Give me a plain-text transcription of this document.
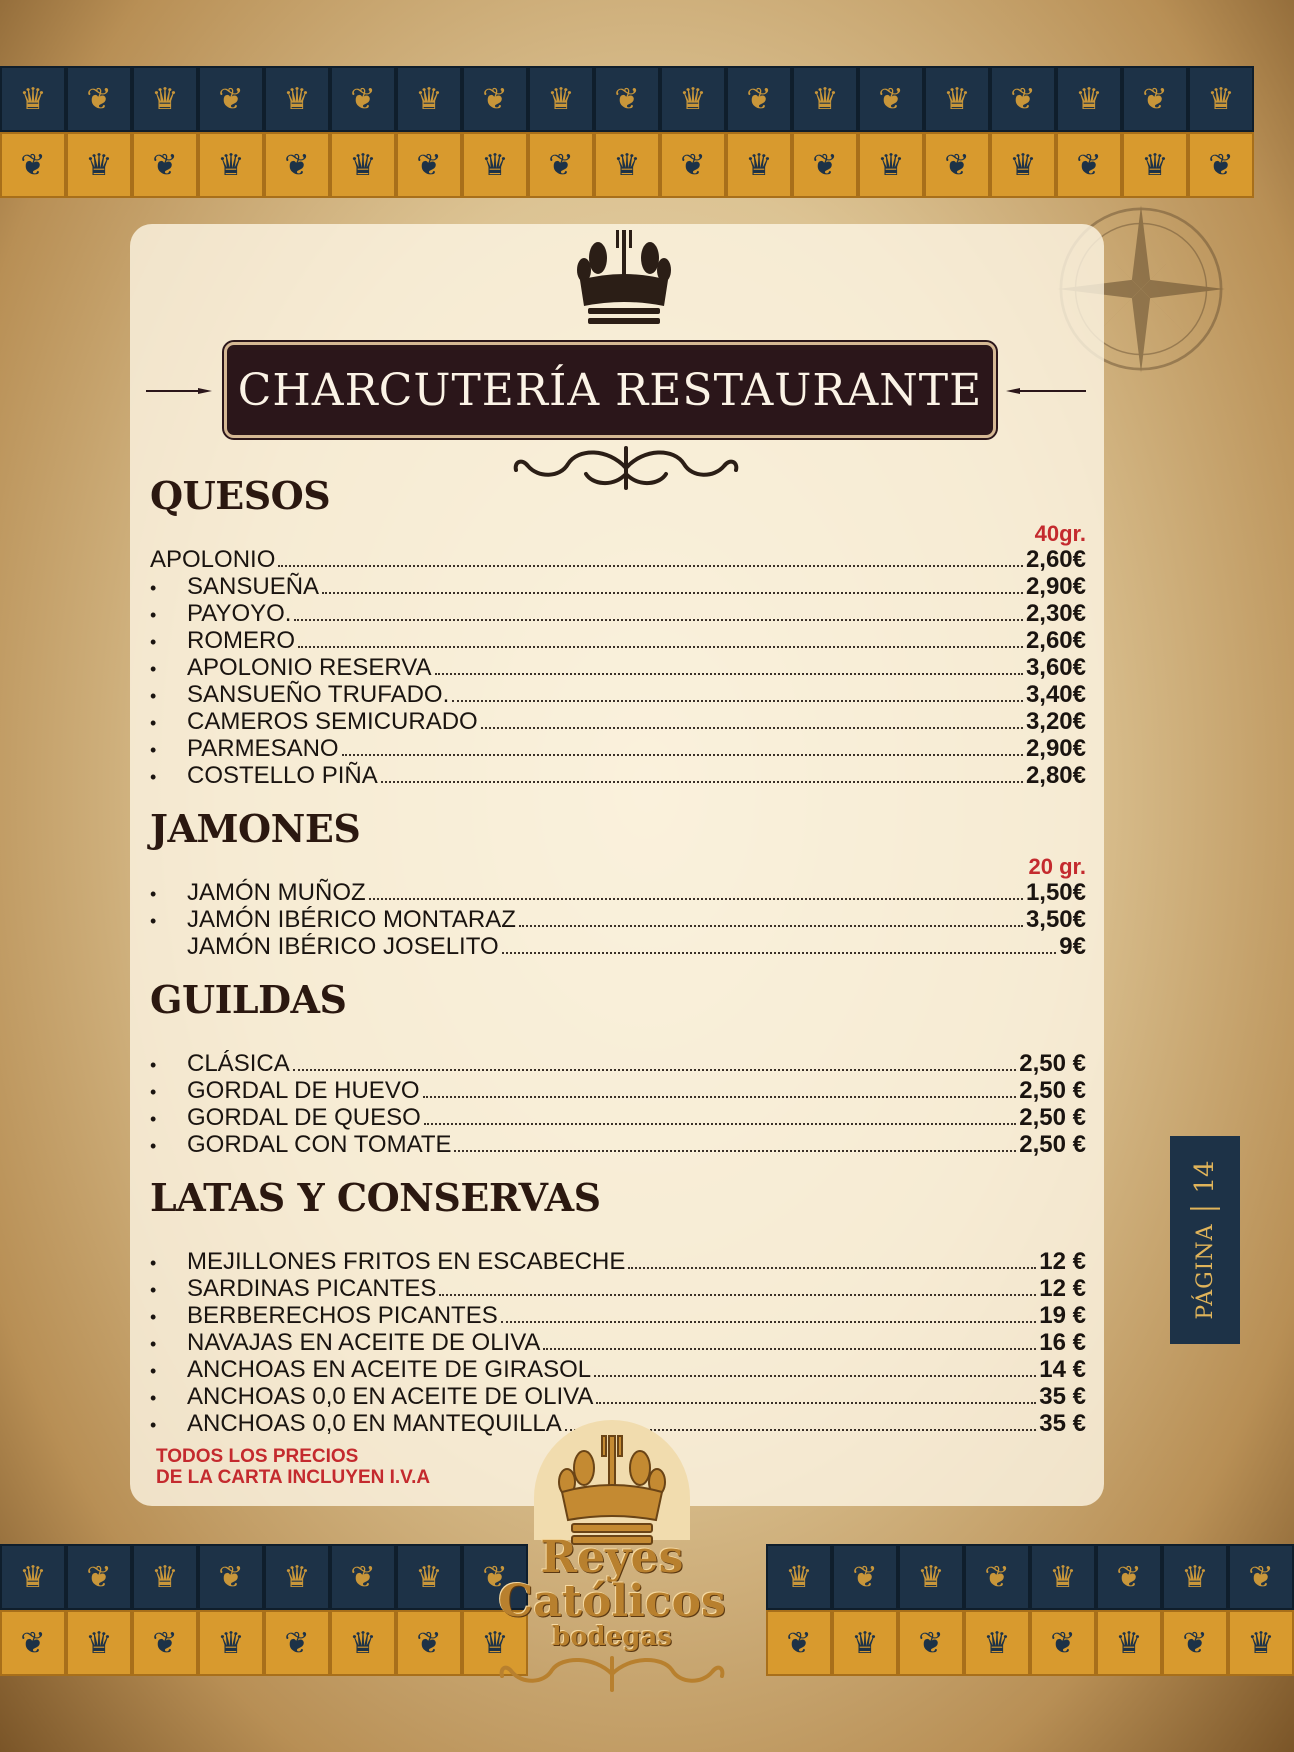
♛	❦	♛	❦	♛	❦	♛	❦	♛	❦	♛	❦	♛	❦	♛	❦	♛	❦	♛
❦	♛	❦	♛	❦	♛	❦	♛	❦	♛	❦	♛	❦	♛	❦	♛	❦	♛	❦
CHARCUTERÍA RESTAURANTE
QUESOS
40gr.
APOLONIO	2,60€
•	SANSUEÑA	2,90€
•	PAYOYO.	2,30€
•	ROMERO	2,60€
•	APOLONIO RESERVA	3,60€
•	SANSUEÑO TRUFADO.	3,40€
•	CAMEROS SEMICURADO	3,20€
•	PARMESANO	2,90€
•	COSTELLO PIÑA	2,80€
JAMONES
20 gr.
•	JAMÓN MUÑOZ	1,50€
•	JAMÓN IBÉRICO MONTARAZ	3,50€
JAMÓN IBÉRICO JOSELITO	9€
GUILDAS
•	CLÁSICA	2,50 €
•	GORDAL DE HUEVO	2,50 €
•	GORDAL DE QUESO	2,50 €
•	GORDAL CON TOMATE	2,50 €
LATAS Y CONSERVAS
•	MEJILLONES FRITOS EN ESCABECHE	12 €
•	SARDINAS PICANTES	12 €
•	BERBERECHOS PICANTES	19 €
•	NAVAJAS EN ACEITE DE OLIVA	16 €
•	ANCHOAS EN ACEITE DE GIRASOL	14 €
•	ANCHOAS 0,0 EN ACEITE DE OLIVA	35 €
•	ANCHOAS 0,0 EN MANTEQUILLA	35 €
TODOS LOS PRECIOS
DE LA CARTA INCLUYEN I.V.A
♛	❦	♛	❦	♛	❦	♛	❦
❦	♛	❦	♛	❦	♛	❦	♛
♛	❦	♛	❦	♛	❦	♛	❦
❦	♛	❦	♛	❦	♛	❦	♛
Reyes
Católicos
bodegas
PÁGINA
14
